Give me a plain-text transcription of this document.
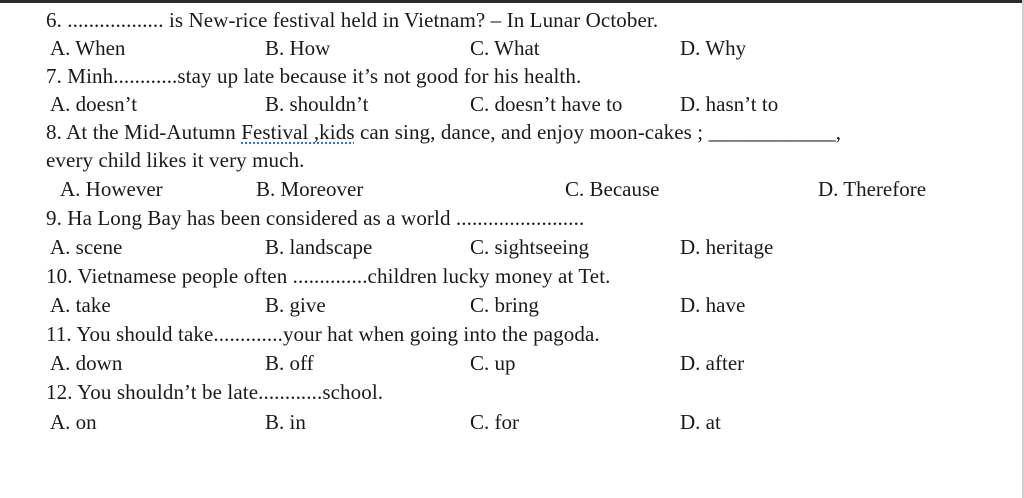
6. .................. is New-rice festival held in Vietnam? – In Lunar October.
A. When	B. How	C. What	D. Why
7. Minh............stay up late because it’s not good for his health.
A. doesn’t	B. shouldn’t	C. doesn’t have to	D. hasn’t to
8. At the Mid-Autumn Festival ,kids can sing, dance, and enjoy moon-cakes ; ____________,
every child likes it very much.
A. However	B. Moreover	C. Because	D. Therefore
9. Ha Long Bay has been considered as a world ........................
A. scene	B. landscape	C. sightseeing	D. heritage
10. Vietnamese people often ..............children lucky money at Tet.
A. take	B. give	C. bring	D. have
11. You should take.............your hat when going into the pagoda.
A. down	B. off	C. up	D. after
12. You shouldn’t be late............school.
A. on	B. in	C. for	D. at
